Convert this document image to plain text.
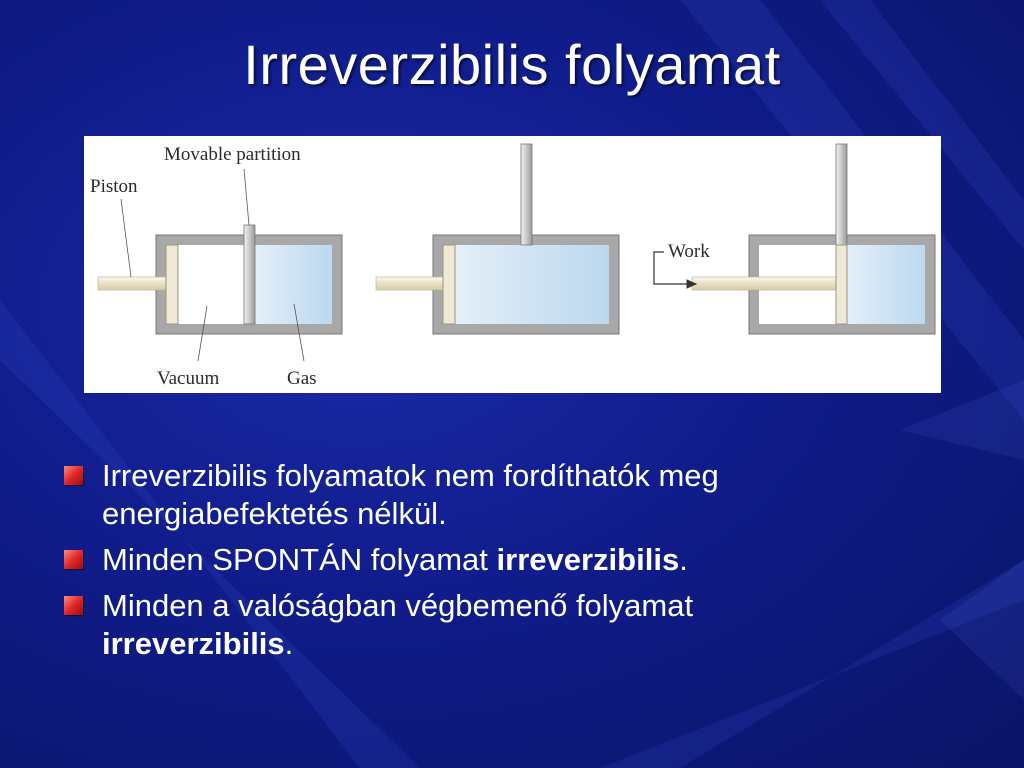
Irreverzibilis folyamat
Movable partition
Piston
Vacuum	Gas
Work
Irreverzibilis folyamatok nem fordíthatók meg energiabefektetés nélkül.
Minden SPONTÁN folyamat irreverzibilis.
Minden a valóságban végbemenő folyamat
irreverzibilis.
